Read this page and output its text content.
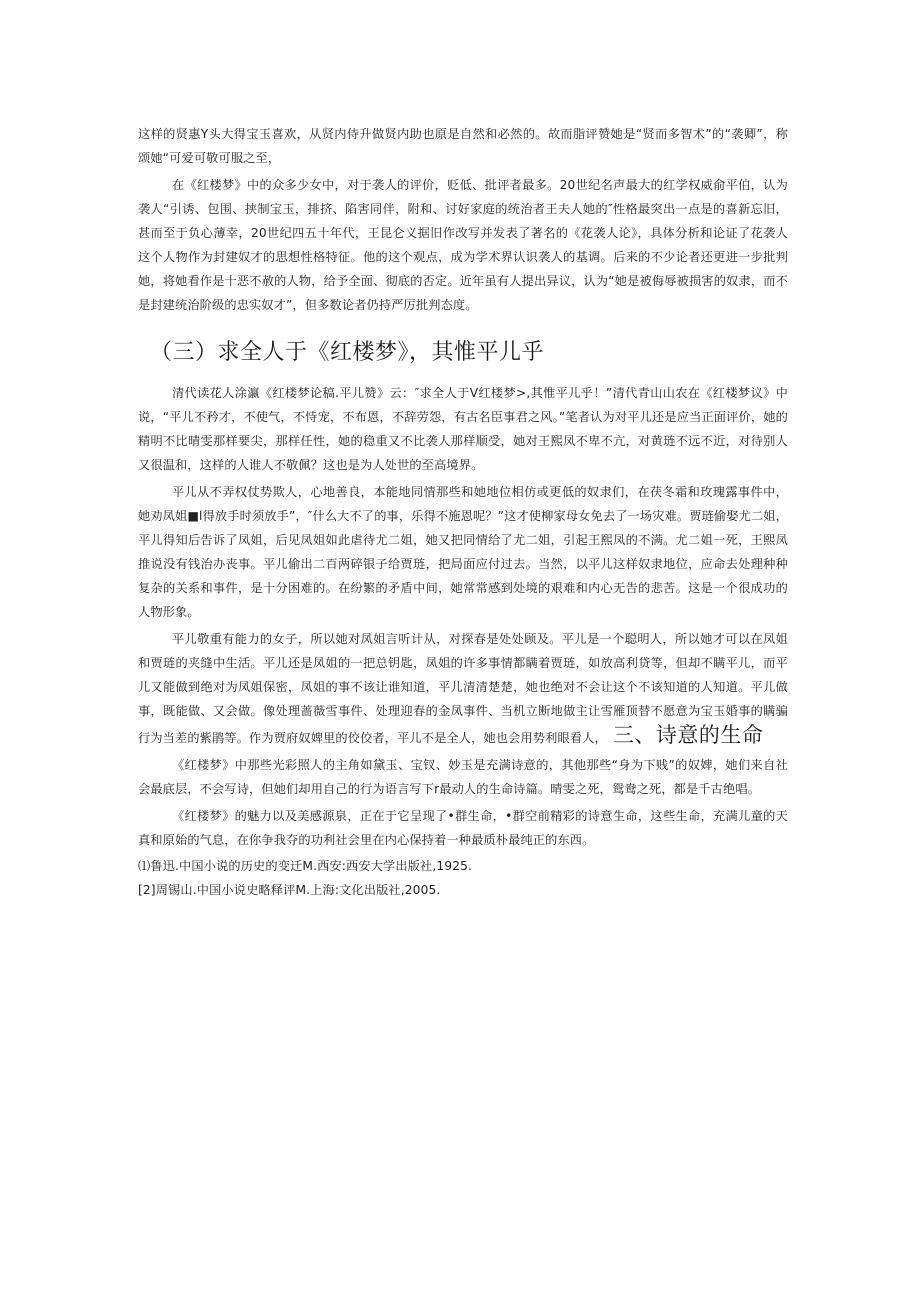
这样的贤惠Y头大得宝玉喜欢，从贤内侍升做贤内助也原是自然和必然的。故而脂评赞她是“贤而多智术”的“袭卿”，称颂她“可爱可敬可服之至，

在《红楼梦》中的众多少女中，对于袭人的评价，贬低、批评者最多。20世纪名声最大的红学权威俞平伯，认为袭人“引诱、包围、挟制宝玉，排挤、陷害同伴，附和、讨好家庭的统治者王夫人她的″性格最突出一点是的喜新忘旧，甚而至于负心薄幸，20世纪四五十年代，王昆仑义据旧作改写并发表了著名的《花袭人论》，具体分析和论证了花袭人这个人物作为封建奴才的思想性格特征。他的这个观点，成为学术界认识袭人的基调。后来的不少论者还更进一步批判她，将她看作是十恶不赦的人物，给予全面、彻底的否定。近年虽有人提出异议，认为“她是被侮辱被损害的奴隶，而不是封建统治阶级的忠实奴才”，但多数论者仍持严厉批判态度。

（三）求全人于《红楼梦》，其惟平儿乎

清代读花人涂瀛《红楼梦论稿.平儿赞》云：″求全人于V红楼梦>,其惟平儿乎！”清代青山山农在《红楼梦议》中说，“平儿不矜才，不使气，不恃宠，不布恩，不辞劳怨，有古名臣事君之风。”笔者认为对平儿还是应当正面评价，她的精明不比晴雯那样要尖，那样任性，她的稳重又不比袭人那样顺受，她对王熙凤不卑不亢，对黄琏不远不近，对待别人又很温和，这样的人谁人不敬佩？这也是为人处世的至高境界。

平儿从不弄权仗势欺人，心地善良，本能地同情那些和她地位相仿或更低的奴隶们，在茯冬霜和玫瑰露事件中，她劝凤姐■l得放手时须放手”，″什么大不了的事，乐得不施恩呢？”这才使柳家母女免去了一场灾难。贾琏偷娶尤二姐，平儿得知后告诉了凤姐，后见凤姐如此虐待尤二姐，她又把同情给了尤二姐，引起王熙凤的不满。尤二姐一死，王熙凤推说没有钱治办丧事。平儿偷出二百两碎银子给贾琏，把局面应付过去。当然，以平儿这样奴隶地位，应命去处理种种复杂的关系和事件，是十分困难的。在纷繁的矛盾中间，她常常感到处境的艰难和内心无告的悲苦。这是一个很成功的人物形象。

平儿敬重有能力的女子，所以她对凤姐言听计从，对探春是处处顾及。平儿是一个聪明人，所以她才可以在凤姐和贾琏的夹缝中生活。平儿还是凤姐的一把总钥匙，凤姐的许多事情都瞒着贾琏，如放高利贷等，但却不瞒平儿，而平儿又能做到绝对为凤姐保密，凤姐的事不该让谁知道，平儿清清楚楚，她也绝对不会让这个不该知道的人知道。平儿做事，既能做、又会做。像处理蔷薇雪事件、处理迎春的金凤事件、当机立断地做主让雪雁顶替不愿意为宝玉婚事的瞒骗行为当差的紫鹃等。作为贾府奴婢里的佼佼者，平儿不是全人，她也会用势利眼看人， 三、诗意的生命

《红楼梦》中那些光彩照人的主角如黛玉、宝钗、妙玉是充满诗意的，其他那些“身为下贱”的奴婢，她们来自社会最底层，不会写诗，但她们却用自己的行为语言写下r最动人的生命诗篇。晴雯之死，鸳鸯之死，都是千古绝唱。

《红楼梦》的魅力以及美感源泉，正在于它呈现了•群生命，•群空前精彩的诗意生命，这些生命，充满儿童的天真和原始的气息，在你争我夺的功利社会里在内心保持着一种最质朴最纯正的东西。

⑴鲁迅.中国小说的历史的变迁M.西安:西安大学出版社,1925.

[2]周锡山.中国小说史略释评M.上海:文化出版社,2005.
